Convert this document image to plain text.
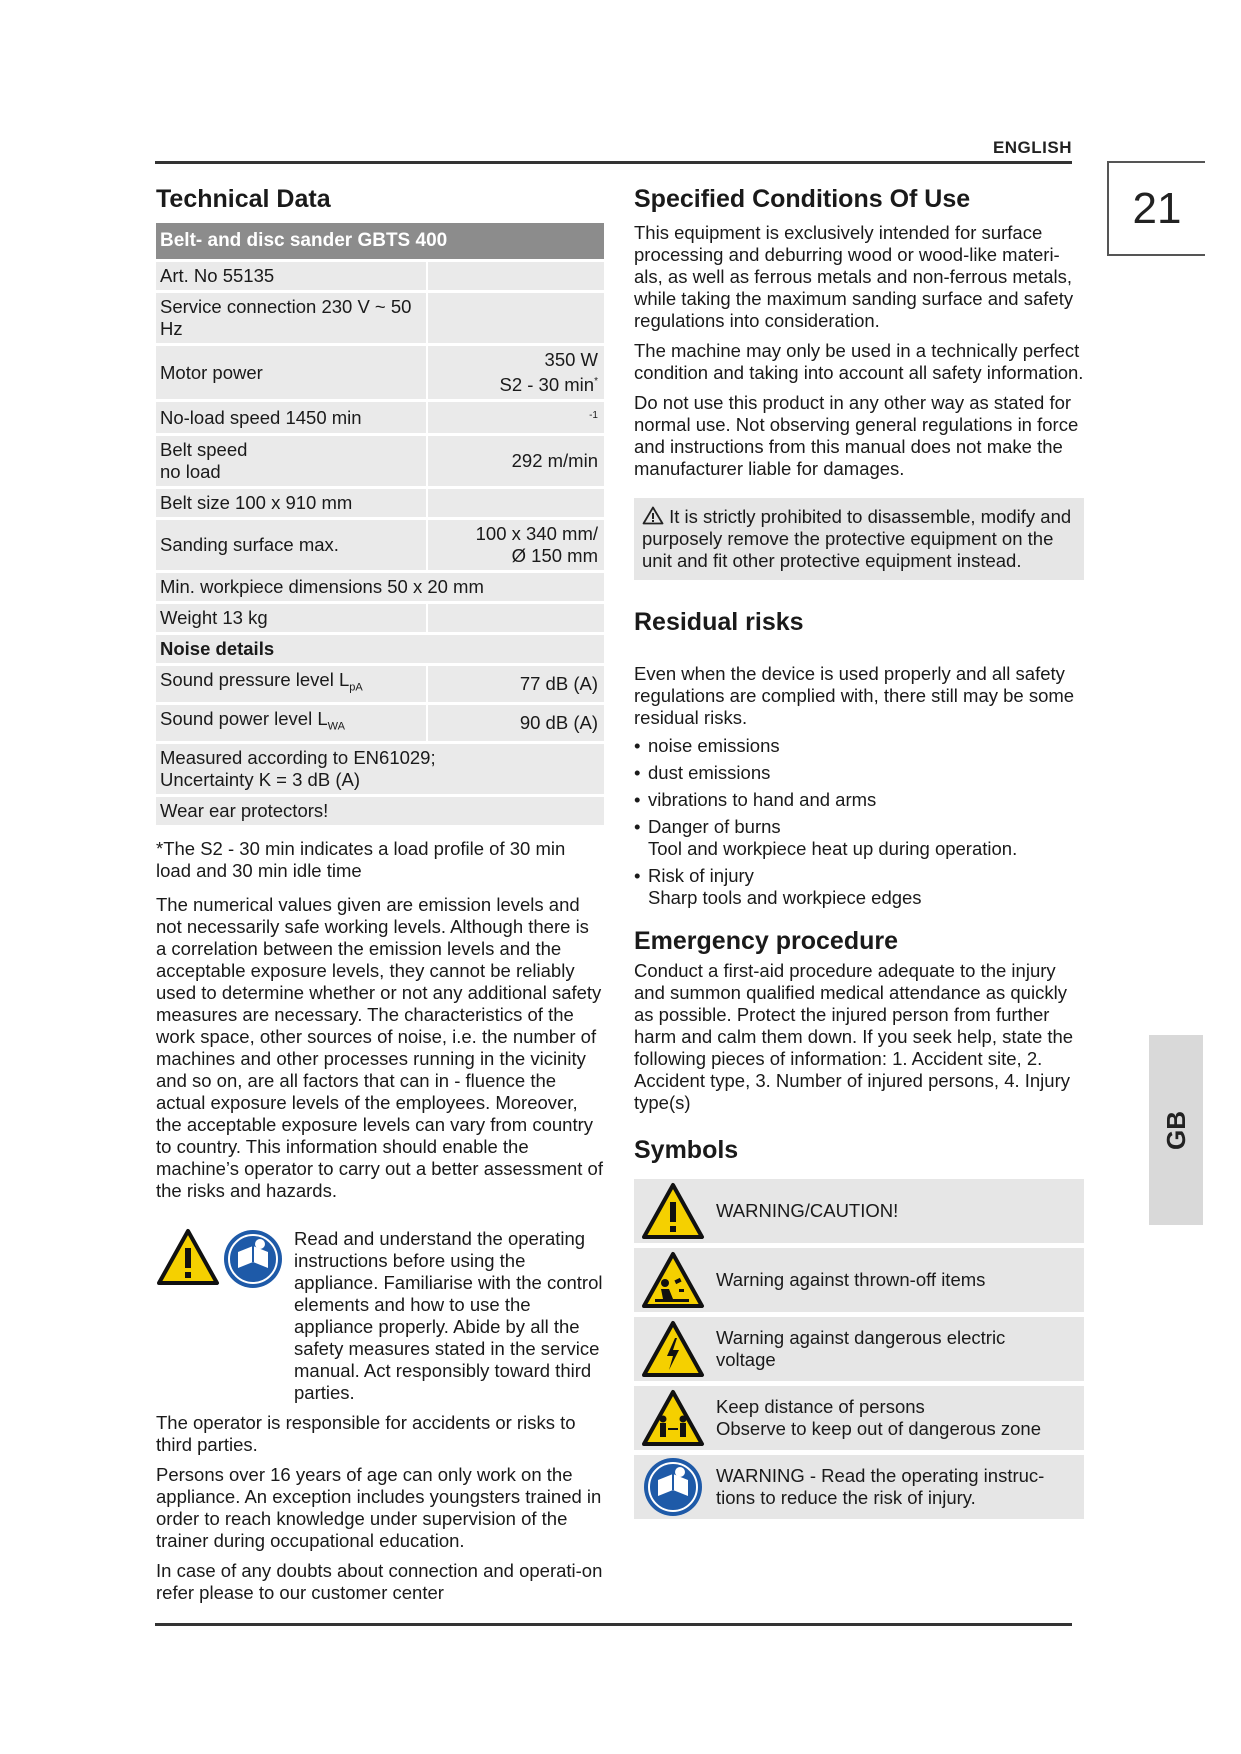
ENGLISH
21
GB
Technical Data
Belt- and disc sander GBTS 400	
Art. No 55135	
Service connection 230 V ~ 50 Hz	
Motor power	350 W
S2 - 30 min*

No-load speed 1450 min	$^{-1}$

Belt speed
no load	292 m/min
Belt size 100 x 910 mm	
Sanding surface max.	100 x 340 mm/
Ø 150 mm

Min. workpiece dimensions 50 x 20 mm	
Weight 13 kg	
Noise details	
Sound pressure level $L_{pA}$	77 dB (A)
Sound power level $L_{WA}$	90 dB (A)

Measured according to EN61029;
Uncertainty K = 3 dB (A)	

Wear ear protectors!	

*The S2 - 30 min indicates a load profile of 30 min load and 30 min idle time

The numerical values given are emission levels and not necessarily safe working levels. Although there is a correlation between the emission levels and the acceptable exposure levels, they cannot be reliably used to determine whether or not any additional safety measures are necessary. The characteristics of the work space, other sources of noise, i.e. the number of machines and other processes running in the vicinity and so on, are all factors that can in - fluence the actual exposure levels of the employees. Moreover, the acceptable exposure levels can vary from country to country. This information should enable the machine’s operator to carry out a better assessment of the risks and hazards.

Read and understand the operating instructions before using the appliance. Familiarise with the control elements and how to use the appliance properly. Abide by all the safety measures stated in the service manual. Act responsibly toward third parties.

The operator is responsible for accidents or risks to third parties.

Persons over 16 years of age can only work on the appliance. An exception includes youngsters trained in order to reach knowledge under supervision of the trainer during occupational education.

In case of any doubts about connection and operati-on refer please to our customer center

Specified Conditions Of Use

This equipment is exclusively intended for surface processing and deburring wood or wood-like materi-als, as well as ferrous metals and non-ferrous metals, while taking the maximum sanding surface and safety regulations into consideration.

The machine may only be used in a technically perfect condition and taking into account all safety information.

Do not use this product in any other way as stated for normal use. Not observing general regulations in force and instructions from this manual does not make the manufacturer liable for damages.

It is strictly prohibited to disassemble, modify and purposely remove the protective equipment on the unit and fit other protective equipment instead.
Residual risks

Even when the device is used properly and all safety regulations are complied with, there still may be some residual risks.

• noise emissions
• dust emissions
• vibrations to hand and arms
• Danger of burns
Tool and workpiece heat up during operation.
• Risk of injury
Sharp tools and workpiece edges
Emergency procedure

Conduct a first-aid procedure adequate to the injury and summon qualified medical attendance as quickly as possible. Protect the injured person from further harm and calm them down. If you seek help, state the following pieces of information: 1. Accident site, 2. Accident type, 3. Number of injured persons, 4. Injury type(s)

Symbols
WARNING/CAUTION!
Warning against thrown-off items
Warning against dangerous electric
voltage
Keep distance of persons
Observe to keep out of dangerous zone
WARNING - Read the operating instruc-
tions to reduce the risk of injury.
